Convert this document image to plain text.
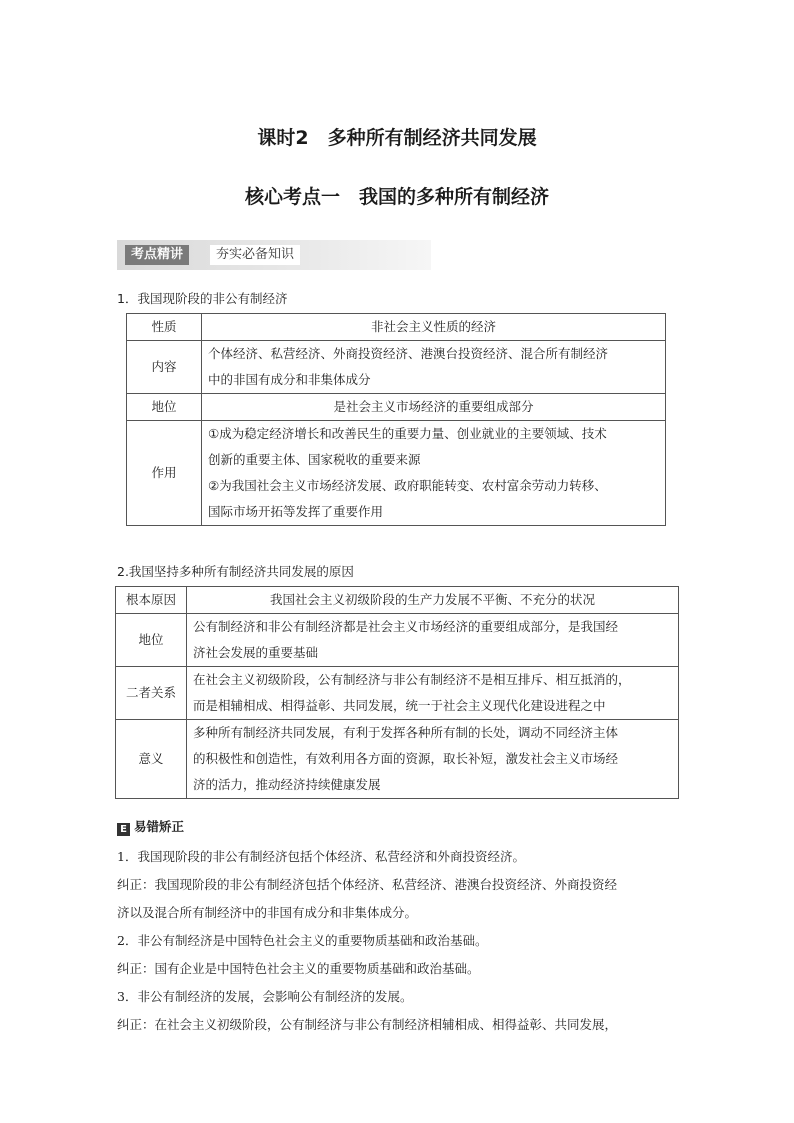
课时2　多种所有制经济共同发展
核心考点一　我国的多种所有制经济
考点精讲	夯实必备知识
1．我国现阶段的非公有制经济
性质	非社会主义性质的经济
内容	个体经济、私营经济、外商投资经济、港澳台投资经济、混合所有制经济
中的非国有成分和非集体成分

地位	是社会主义市场经济的重要组成部分
作用	①成为稳定经济增长和改善民生的重要力量、创业就业的主要领域、技术
创新的重要主体、国家税收的重要来源
②为我国社会主义市场经济发展、政府职能转变、农村富余劳动力转移、
国际市场开拓等发挥了重要作用
2.我国坚持多种所有制经济共同发展的原因
根本原因	我国社会主义初级阶段的生产力发展不平衡、不充分的状况
地位	公有制经济和非公有制经济都是社会主义市场经济的重要组成部分，是我国经
济社会发展的重要基础

二者关系	在社会主义初级阶段，公有制经济与非公有制经济不是相互排斥、相互抵消的，
而是相辅相成、相得益彰、共同发展，统一于社会主义现代化建设进程之中

意义	多种所有制经济共同发展，有利于发挥各种所有制的长处，调动不同经济主体
的积极性和创造性，有效利用各方面的资源，取长补短，激发社会主义市场经
济的活力，推动经济持续健康发展
E 易错矫正
1．我国现阶段的非公有制经济包括个体经济、私营经济和外商投资经济。
纠正：我国现阶段的非公有制经济包括个体经济、私营经济、港澳台投资经济、外商投资经
济以及混合所有制经济中的非国有成分和非集体成分。
2．非公有制经济是中国特色社会主义的重要物质基础和政治基础。
纠正：国有企业是中国特色社会主义的重要物质基础和政治基础。
3．非公有制经济的发展，会影响公有制经济的发展。
纠正：在社会主义初级阶段，公有制经济与非公有制经济相辅相成、相得益彰、共同发展，
